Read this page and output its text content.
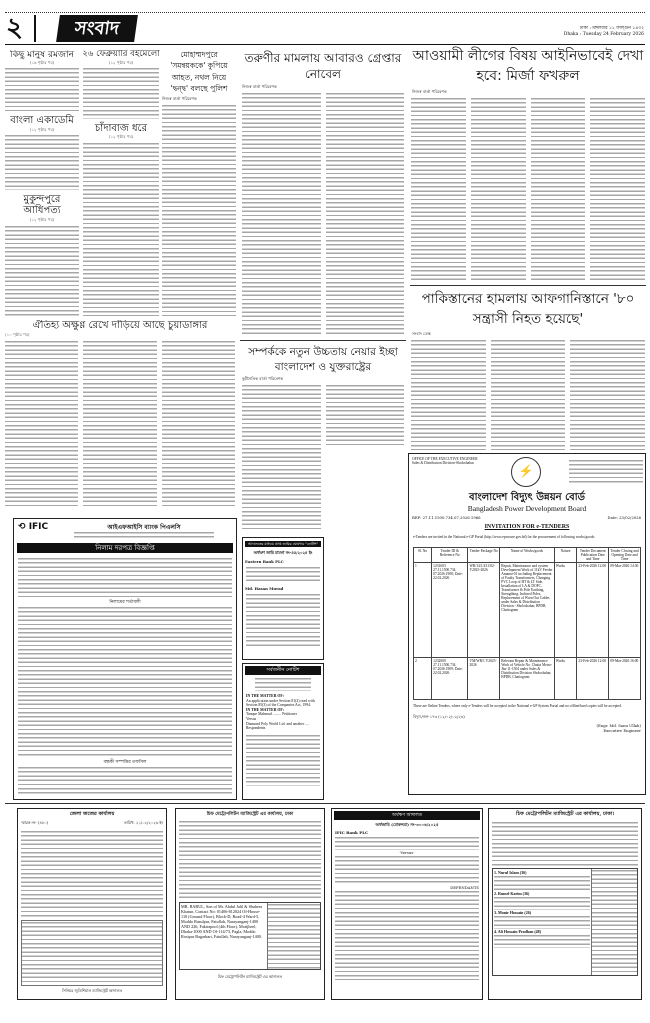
২	সংবাদ	ঢাকা : মঙ্গলবার ১১ ফাল্গুন ১৪৩২
Dhaka : Tuesday 24 February 2026
কিছু মানুষ রমজান
(১৬ পৃষ্ঠার পর)
বাংলা একাডেমি
(১২ পৃষ্ঠার পর)
মুকুন্দপুরে আধিপত্য
(১২ পৃষ্ঠার পর)
২৬ ফেব্রুয়ারি বইমেলো
(১২ পৃষ্ঠার পর)
চাঁদাবাজ ধরে
(১২ পৃষ্ঠার পর)
মোহাম্মদপুরে 'সমন্বয়ককে' কুপিয়ে আহত, নথল নিয়ে 'দ্বন্দ্ব' বলছে পুলিশ
নিজস্ব বার্তা পরিবেশক
ঐতিহ্য অক্ষুণ্ণ রেখে দাঁড়িয়ে আছে চুয়াডাঙ্গার
(১০ পৃষ্ঠার পর)
তরুণীর মামলায় আবারও গ্রেপ্তার নোবেল
নিজস্ব বার্তা পরিবেশক
সম্পর্ককে নতুন উচ্চতায় নেয়ার ইচ্ছা বাংলাদেশ ও যুক্তরাষ্ট্রের
কূটনৈতিক বার্তা পরিবেশক
আওয়ামী লীগের বিষয় আইনিভাবেই দেখা হবে: মির্জা ফখরুল
নিজস্ব বার্তা পরিবেশক
পাকিস্তানের হামলায় আফগানিস্তানে '৮০ সন্ত্রাসী নিহত হয়েছে'
সংবাদ ডেস্ক
⟲ IFIC	আইএফআইসি ব্যাংক পিএলসি
নিলাম দরপত্র বিজ্ঞপ্তি
নিলামের শর্তাবলী
বন্ধকী সম্পত্তির তফসিল
আদালতের মাধ্যমে প্রাপ্ত জারির ঘোষণার "নোটিশ"
অর্থঋণ জারি মামলা নং-৪৫/২০২৪ ইং
Eastern Bank PLC
Md. Hasan Murad
সর্বজনীন নোটিশ
IN THE MATTER OF:
An application under Section 81(2) read with Section 85(3) of the Companies Act, 1994.
IN THE MATTER OF:
Tanque Mahmud ......... Petitioner
Versus
Diamond Poly World Ltd. and another .... Respondents
OFFICE OF THE EXECUTIVE ENGINEER
Sales & Distribution Division-Sholoshahar
⚡
বাংলাদেশ বিদ্যুৎ উন্নয়ন বোর্ড
Bangladesh Power Development Board
REF: 27.11.1500.734.07.2026.1966	Date: 23/02/2026
INVITATION FOR e-TENDERS
e-Tenders are invited in the National e-GP Portal (http://www.eprocure.gov.bd) for the procurement of following works/goods:
Sl. No	Tender ID & Reference No	Tender Package No	Name of Works/goods	Nature	Tender Document Publication Date and Time	Tender Closing and Opening Date and Time
1	1231603 27.11.1500.734. 07.2026.1908; Date: 22.02.2026	WR/14/1/431/02-Y2025-2026	Repair, Maintenance and system Development Work of 11kV Feeder Amanta-01 including Replacement of Faulty Transformers, Changing PVC Loop of HT & LT Side, Installation of LA & DOFC, Transformer & Pole Earthing, Strengthing, Inclined Poles, Replacement of Worn Out Cables under Sales & Distribution Division - Sholoshahar, BPDB, Chattogram	Works	23-Feb-2026 12:00	09-Mar-2026 14:30
2	1232000 27.11.1500.734. 07.2026.1909; Date: 22.02.2026	VM/WR/1 Y2025-2026	Relevant Repair & Maintenance Work of Vehicle No. Chatta Metro-Jha-11-1504 under Sales & Distribution Division Sholoshahar, BPDB, Chattogram	Works	23-Feb-2026 12:00	09-Mar-2026 16:00
These are Online Tenders, where only e-Tenders will be accepted in the National e-GP System Portal and no offline/hard copies will be accepted.
বিদ্যুৎ/জন-১৭৩ (১২/০২/০২/২৬)
(Engr. Md. Sanu Ullah)
Executive Engineer
জেলা জজের কার্যালয়
স্মারক নং- (৪৮০)	তারিখ: ২১/০২/২০২৬ ইং
সিনিয়র জুডিশিয়াল ম্যাজিস্ট্রেট আদালত
চিফ মেট্রোপলিটন ম্যাজিস্ট্রেট এর কার্যালয়, ঢাকা
MR. BABUL, Son of Mr. Abdul Jalil & Shahera Khatun, Contact No: 01406-812024 Of-House-110 (Ground Floor), Block-D, Road-4 Ward-5, Moddo Rasulpur, Fatullah, Narayanganj-1400 AND 226, Fakirapool (4th Floor), Motijheel, Dhaka-1000 AND Of-114/73, Pagla, Moddo Rosipur Bagarbari, Fatullah, Narayanganj-1400.
চিফ মেট্রোপলিটন ম্যাজিস্ট্রেট এর আদালত
অর্থঋণ আদালত
অর্থজারি (মোকদ্দমা) নং-৩০০৬/২০২৫
IFIC Bank PLC
-Versus-
DEFENDANTS
চিফ মেট্রোপলিটন ম্যাজিস্ট্রেট এর কার্যালয়, ঢাকা।
1. Nurul Islam (36)
2. Rumel Karim (36)
3. Monir Hossain (26)
4. Ali Hossain Pradhan (48)
